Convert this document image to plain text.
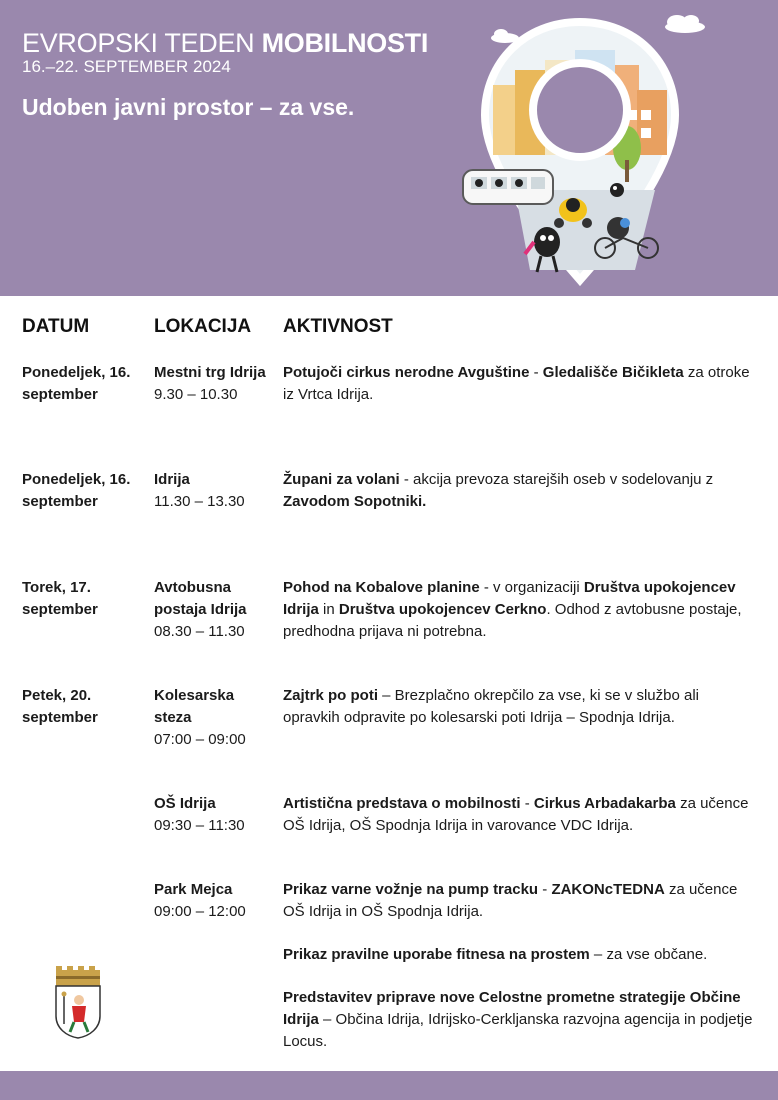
EVROPSKI TEDEN MOBILNOSTI
16.–22. SEPTEMBER 2024
Udoben javni prostor – za vse.
DATUM	LOKACIJA AKTIVNOST
Ponedeljek, 16. september
Mestni trg Idrija
9.30 – 10.30
Potujoči cirkus nerodne Avguštine - Gledališče Bičikleta za otroke iz Vrtca Idrija.
Ponedeljek, 16. september
Idrija
11.30 – 13.30
Župani za volani - akcija prevoza starejših oseb v sodelovanju z Zavodom Sopotniki.
Torek, 17. september
Avtobusna postaja Idrija
08.30 – 11.30
Pohod na Kobalove planine - v organizaciji Društva upokojencev Idrija in Društva upokojencev Cerkno. Odhod z avtobusne postaje, predhodna prijava ni potrebna.
Petek, 20. september
Kolesarska steza
07:00 – 09:00
Zajtrk po poti – Brezplačno okrepčilo za vse, ki se v službo ali opravkih odpravite po kolesarski poti Idrija – Spodnja Idrija.
OŠ Idrija
09:30 – 11:30
Artistična predstava o mobilnosti - Cirkus Arbadakarba za učence OŠ Idrija, OŠ Spodnja Idrija in varovance VDC Idrija.
Park Mejca
09:00 – 12:00
Prikaz varne vožnje na pump tracku - ZAKONcTEDNA za učence OŠ Idrija in OŠ Spodnja Idrija.
Prikaz pravilne uporabe fitnesa na prostem – za vse občane.
Predstavitev priprave nove Celostne prometne strategije Občine Idrija – Občina Idrija, Idrijsko-Cerkljanska razvojna agencija in podjetje Locus.
